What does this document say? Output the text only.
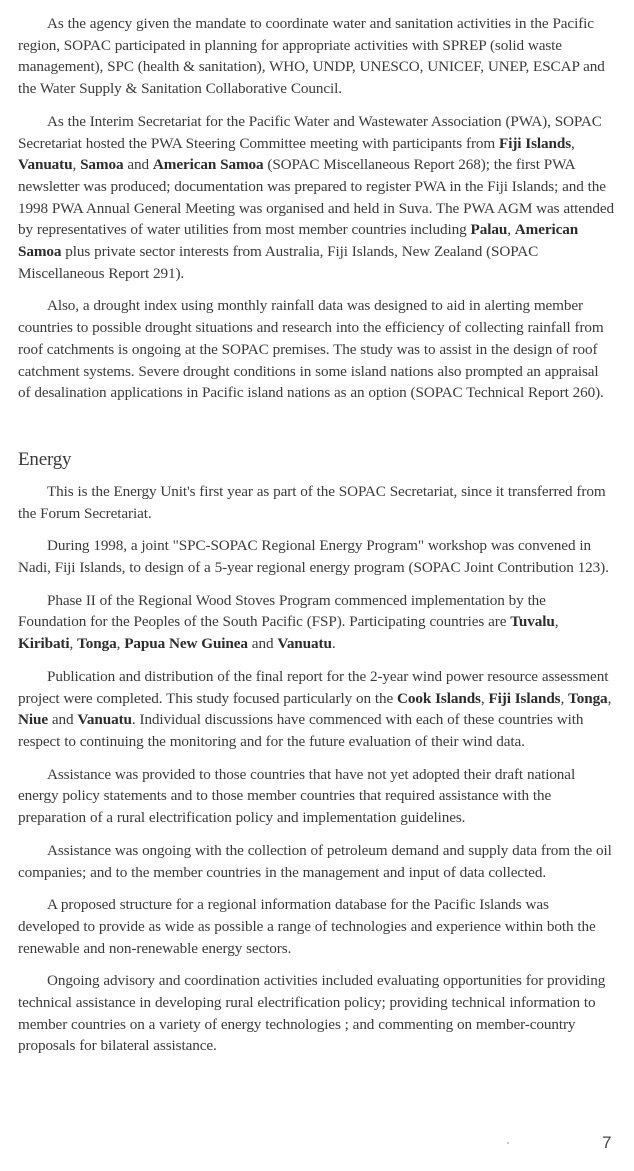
As the agency given the mandate to coordinate water and sanitation activities in the Pacific region, SOPAC participated in planning for appropriate activities with SPREP (solid waste management), SPC (health & sanitation), WHO, UNDP, UNESCO, UNICEF, UNEP, ESCAP and the Water Supply & Sanitation Collaborative Council.

As the Interim Secretariat for the Pacific Water and Wastewater Association (PWA), SOPAC Secretariat hosted the PWA Steering Committee meeting with participants from Fiji Islands, Vanuatu, Samoa and American Samoa (SOPAC Miscellaneous Report 268); the first PWA newsletter was produced; documentation was prepared to register PWA in the Fiji Islands; and the 1998 PWA Annual General Meeting was organised and held in Suva. The PWA AGM was attended by representatives of water utilities from most member countries including Palau, American Samoa plus private sector interests from Australia, Fiji Islands, New Zealand (SOPAC Miscellaneous Report 291).

Also, a drought index using monthly rainfall data was designed to aid in alerting member countries to possible drought situations and research into the efficiency of collecting rainfall from roof catchments is ongoing at the SOPAC premises. The study was to assist in the design of roof catchment systems. Severe drought conditions in some island nations also prompted an appraisal of desalination applications in Pacific island nations as an option (SOPAC Technical Report 260).

Energy

This is the Energy Unit's first year as part of the SOPAC Secretariat, since it transferred from the Forum Secretariat.

During 1998, a joint "SPC-SOPAC Regional Energy Program" workshop was convened in Nadi, Fiji Islands, to design of a 5-year regional energy program (SOPAC Joint Contribution 123).

Phase II of the Regional Wood Stoves Program commenced implementation by the Foundation for the Peoples of the South Pacific (FSP). Participating countries are Tuvalu, Kiribati, Tonga, Papua New Guinea and Vanuatu.

Publication and distribution of the final report for the 2-year wind power resource assessment project were completed. This study focused particularly on the Cook Islands, Fiji Islands, Tonga, Niue and Vanuatu. Individual discussions have commenced with each of these countries with respect to continuing the monitoring and for the future evaluation of their wind data.

Assistance was provided to those countries that have not yet adopted their draft national energy policy statements and to those member countries that required assistance with the preparation of a rural electrification policy and implementation guidelines.

Assistance was ongoing with the collection of petroleum demand and supply data from the oil companies; and to the member countries in the management and input of data collected.

A proposed structure for a regional information database for the Pacific Islands was developed to provide as wide as possible a range of technologies and experience within both the renewable and non-renewable energy sectors.

Ongoing advisory and coordination activities included evaluating opportunities for providing technical assistance in developing rural electrification policy; providing technical information to member countries on a variety of energy technologies ; and commenting on member-country proposals for bilateral assistance.

7
